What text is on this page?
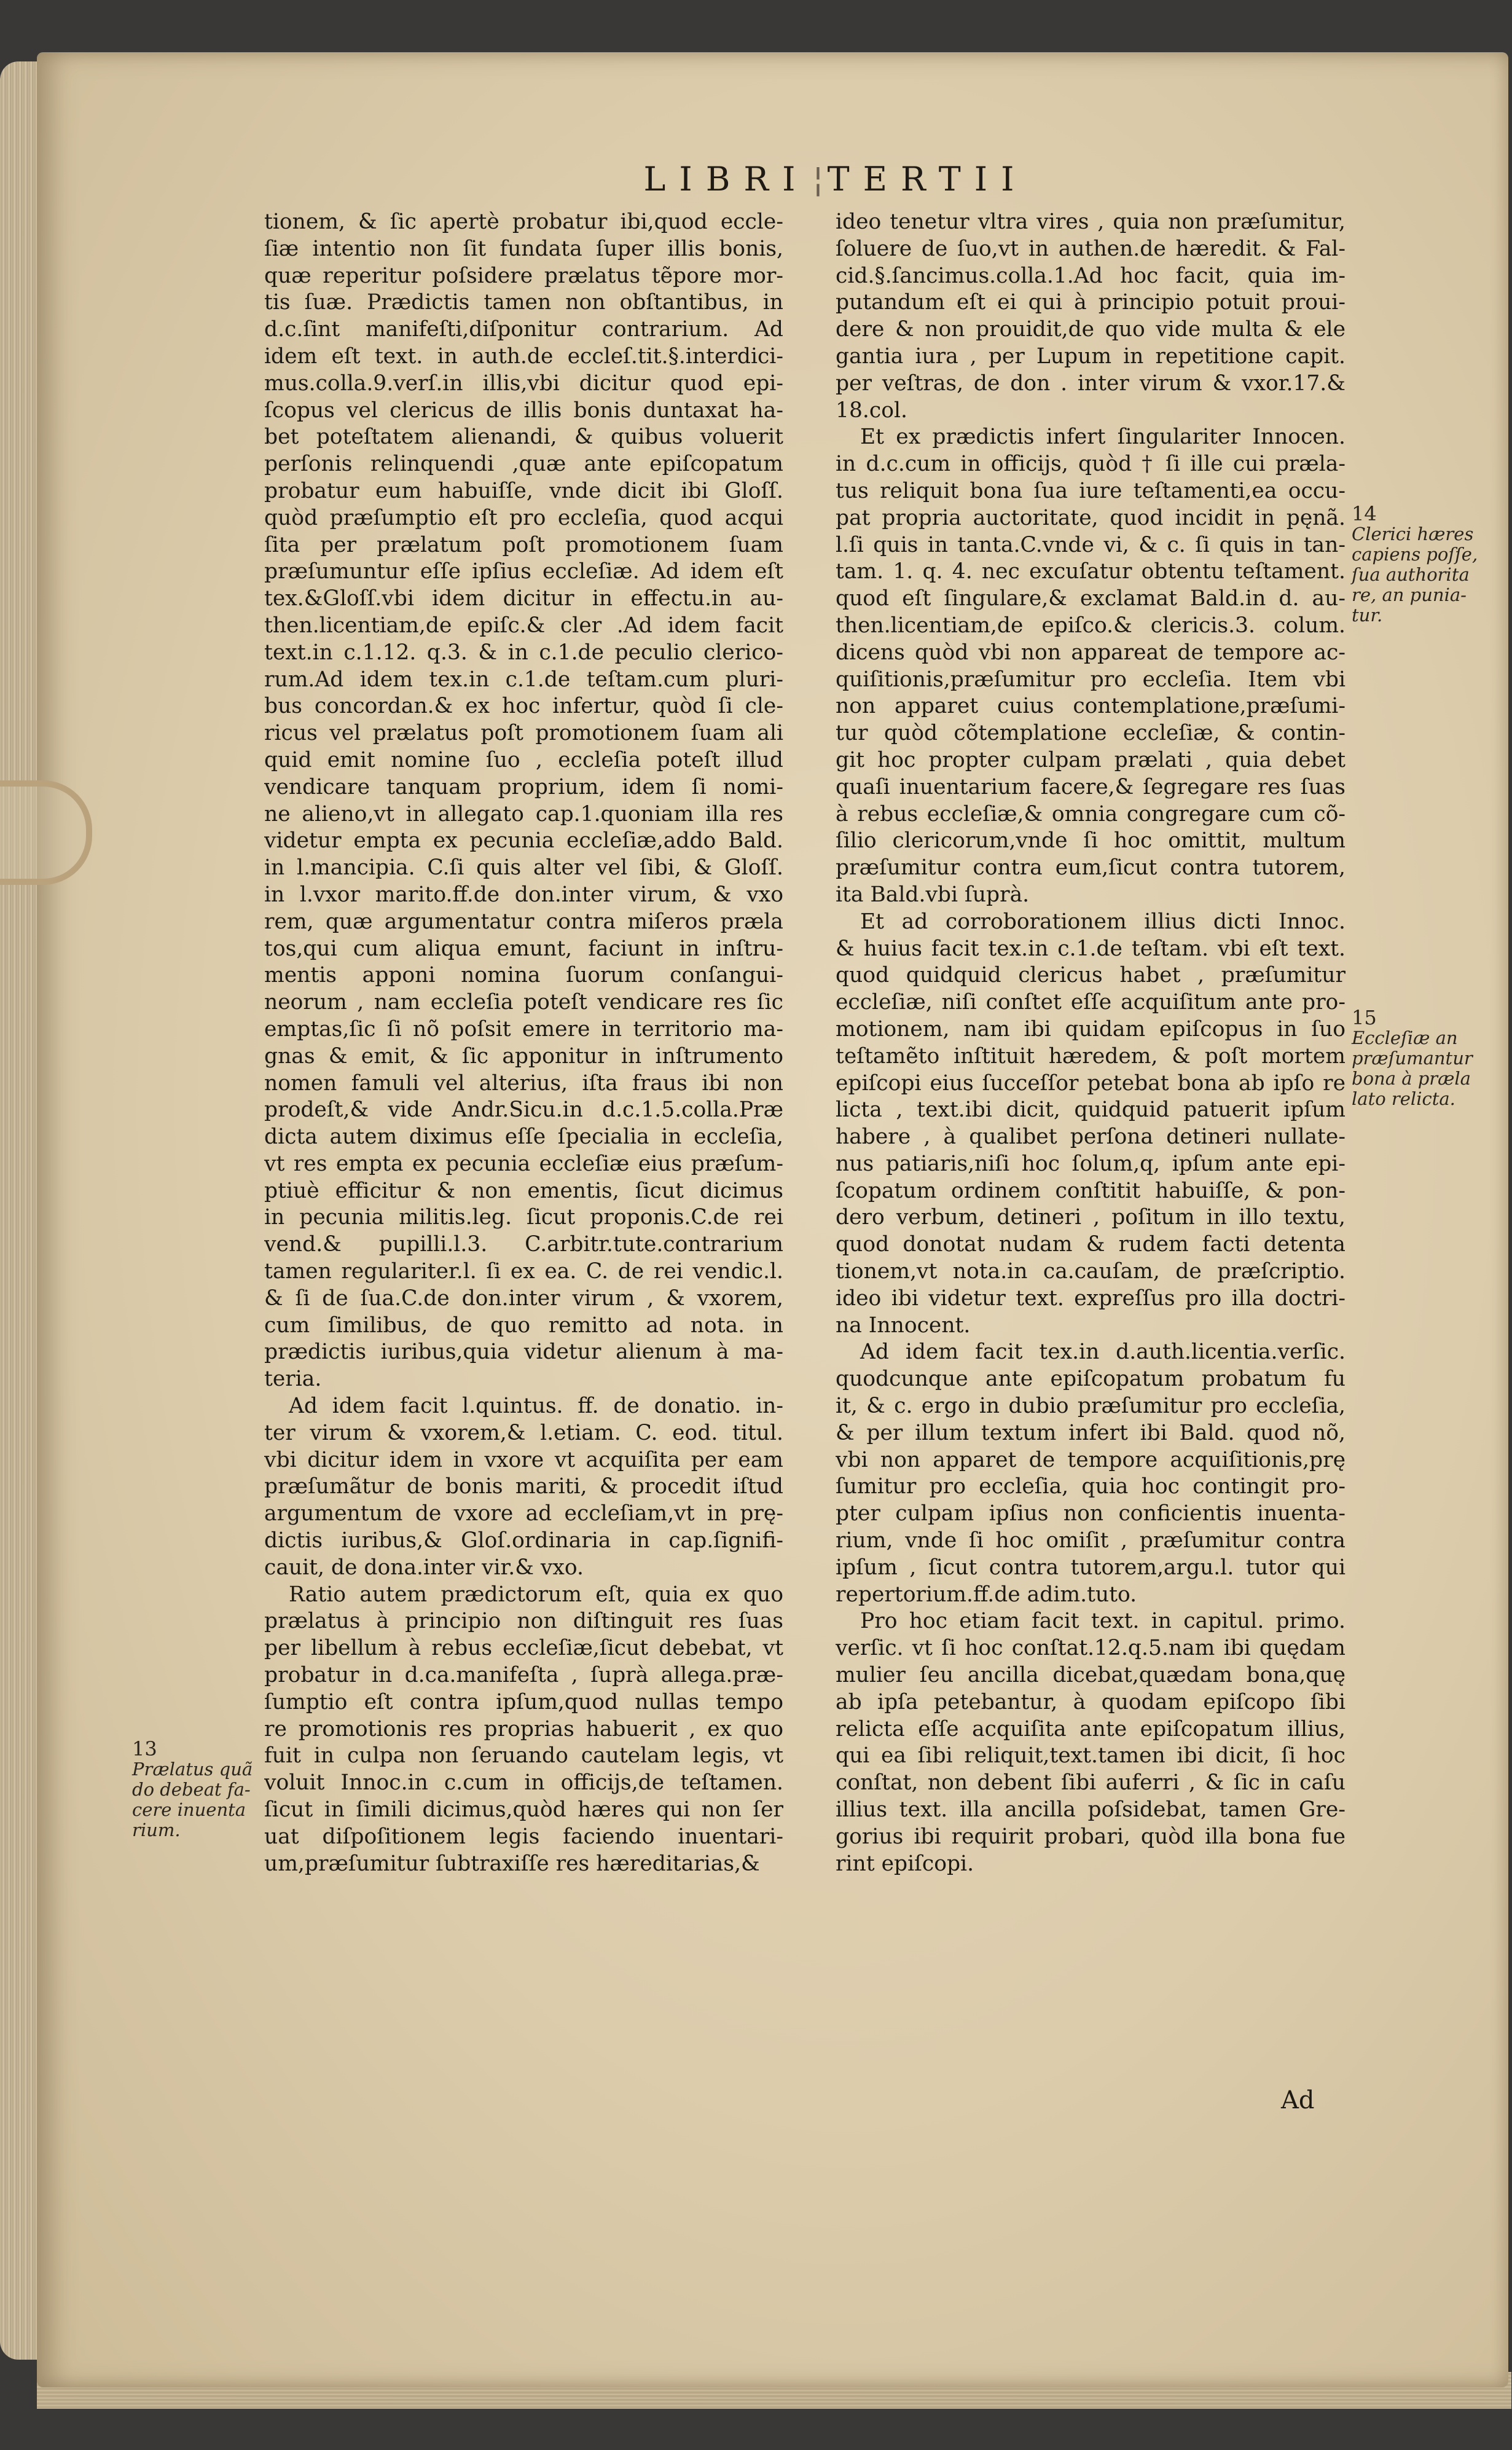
LIBRI ¦ TERTII

tionem, & ſic apertè probatur ibi,quod eccle-
ſiæ intentio non ſit fundata ſuper illis bonis,
quæ reperitur poſsidere prælatus tẽpore mor-
tis ſuæ. Prædictis tamen non obſtantibus, in
d.c.ſint manifeſti,diſponitur contrarium. Ad
idem eſt text. in auth.de eccleſ.tit.§.interdici-
mus.colla.9.verſ.in illis,vbi dicitur quod epi-
ſcopus vel clericus de illis bonis duntaxat ha-
bet poteſtatem alienandi, & quibus voluerit
perſonis relinquendi ,quæ ante epiſcopatum
probatur eum habuiſſe, vnde dicit ibi Gloſſ.
quòd præſumptio eſt pro eccleſia, quod acqui
ſita per prælatum poſt promotionem ſuam
præſumuntur eſſe ipſius eccleſiæ. Ad idem eſt
tex.&Gloſſ.vbi idem dicitur in effectu.in au-
then.licentiam,de epiſc.& cler .Ad idem facit
text.in c.1.12. q.3. & in c.1.de peculio clerico-
rum.Ad idem tex.in c.1.de teſtam.cum pluri-
bus concordan.& ex hoc infertur, quòd ſi cle-
ricus vel prælatus poſt promotionem ſuam ali
quid emit nomine ſuo , eccleſia poteſt illud
vendicare tanquam proprium, idem ſi nomi-
ne alieno,vt in allegato cap.1.quoniam illa res
videtur empta ex pecunia eccleſiæ,addo Bald.
in l.mancipia. C.ſi quis alter vel ſibi, & Gloſſ.
in l.vxor marito.ff.de don.inter virum, & vxo
rem, quæ argumentatur contra miſeros præla
tos,qui cum aliqua emunt, faciunt in inſtru-
mentis apponi nomina ſuorum conſangui-
neorum , nam eccleſia poteſt vendicare res ſic
emptas,ſic ſi nõ poſsit emere in territorio ma-
gnas & emit, & ſic apponitur in inſtrumento
nomen famuli vel alterius, iſta fraus ibi non
prodeſt,& vide Andr.Sicu.in d.c.1.5.colla.Præ
dicta autem diximus eſſe ſpecialia in eccleſia,
vt res empta ex pecunia eccleſiæ eius præſum-
ptiuè efficitur & non ementis, ſicut dicimus
in pecunia militis.leg. ſicut proponis.C.de rei
vend.& pupilli.l.3. C.arbitr.tute.contrarium
tamen regulariter.l. ſi ex ea. C. de rei vendic.l.
& ſi de ſua.C.de don.inter virum , & vxorem,
cum ſimilibus, de quo remitto ad nota. in
prædictis iuribus,quia videtur alienum à ma-
teria.

Ad idem facit l.quintus. ff. de donatio. in-
ter virum & vxorem,& l.etiam. C. eod. titul.
vbi dicitur idem in vxore vt acquiſita per eam
præſumãtur de bonis mariti, & procedit iſtud
argumentum de vxore ad eccleſiam,vt in prę-
dictis iuribus,& Gloſ.ordinaria in cap.ſignifi-
cauit, de dona.inter vir.& vxo.

Ratio autem prædictorum eſt, quia ex quo
prælatus à principio non diſtinguit res ſuas
per libellum à rebus eccleſiæ,ſicut debebat, vt
probatur in d.ca.manifeſta , ſuprà allega.præ-
ſumptio eſt contra ipſum,quod nullas tempo
re promotionis res proprias habuerit , ex quo
fuit in culpa non ſeruando cautelam legis, vt
voluit Innoc.in c.cum in officijs,de teſtamen.
ſicut in ſimili dicimus,quòd hæres qui non ſer
uat diſpoſitionem legis faciendo inuentari-
um,præſumitur ſubtraxiſſe res hæreditarias,&

ideo tenetur vltra vires , quia non præſumitur,
ſoluere de ſuo,vt in authen.de hæredit. & Fal-
cid.§.ſancimus.colla.1.Ad hoc facit, quia im-
putandum eſt ei qui à principio potuit proui-
dere & non prouidit,de quo vide multa & ele
gantia iura , per Lupum in repetitione capit.
per veſtras, de don . inter virum & vxor.17.&
18.col.

Et ex prædictis infert ſingulariter Innocen.
in d.c.cum in officijs, quòd † ſi ille cui præla-
tus reliquit bona ſua iure teſtamenti,ea occu-
pat propria auctoritate, quod incidit in pęnã.
l.ſi quis in tanta.C.vnde vi, & c. ſi quis in tan-
tam. 1. q. 4. nec excuſatur obtentu teſtament.
quod eſt ſingulare,& exclamat Bald.in d. au-
then.licentiam,de epiſco.& clericis.3. colum.
dicens quòd vbi non appareat de tempore ac-
quiſitionis,præſumitur pro eccleſia. Item vbi
non apparet cuius contemplatione,præſumi-
tur quòd cõtemplatione eccleſiæ, & contin-
git hoc propter culpam prælati , quia debet
quaſi inuentarium facere,& ſegregare res ſuas
à rebus eccleſiæ,& omnia congregare cum cõ-
ſilio clericorum,vnde ſi hoc omittit, multum
præſumitur contra eum,ſicut contra tutorem,
ita Bald.vbi ſuprà.

Et ad corroborationem illius dicti Innoc.
& huius facit tex.in c.1.de teſtam. vbi eſt text.
quod quidquid clericus habet , præſumitur
eccleſiæ, niſi conſtet eſſe acquiſitum ante pro-
motionem, nam ibi quidam epiſcopus in ſuo
teſtamẽto inſtituit hæredem, & poſt mortem
epiſcopi eius ſucceſſor petebat bona ab ipſo re
licta , text.ibi dicit, quidquid patuerit ipſum
habere , à qualibet perſona detineri nullate-
nus patiaris,niſi hoc ſolum,q, ipſum ante epi-
ſcopatum ordinem conſtitit habuiſſe, & pon-
dero verbum, detineri , poſitum in illo textu,
quod donotat nudam & rudem facti detenta
tionem,vt nota.in ca.cauſam, de præſcriptio.
ideo ibi videtur text. expreſſus pro illa doctri-
na Innocent.

Ad idem facit tex.in d.auth.licentia.verſic.
quodcunque ante epiſcopatum probatum fu
it, & c. ergo in dubio præſumitur pro eccleſia,
& per illum textum infert ibi Bald. quod nõ,
vbi non apparet de tempore acquiſitionis,prę
ſumitur pro eccleſia, quia hoc contingit pro-
pter culpam ipſius non conficientis inuenta-
rium, vnde ſi hoc omiſit , præſumitur contra
ipſum , ſicut contra tutorem,argu.l. tutor qui
repertorium.ff.de adim.tuto.

Pro hoc etiam facit text. in capitul. primo.
verſic. vt ſi hoc conſtat.12.q.5.nam ibi quędam
mulier ſeu ancilla dicebat,quædam bona,quę
ab ipſa petebantur, à quodam epiſcopo ſibi
relicta eſſe acquiſita ante epiſcopatum illius,
qui ea ſibi reliquit,text.tamen ibi dicit, ſi hoc
conſtat, non debent ſibi auferri , & ſic in caſu
illius text. illa ancilla poſsidebat, tamen Gre-
gorius ibi requirit probari, quòd illa bona fue
rint epiſcopi.

14
Clerici hæres
capiens poſſe,
ſua authorita
re, an punia-
tur.
15
Eccleſiæ an
præſumantur
bona à præla
lato relicta.
13
Prælatus quã
do debeat fa-
cere inuenta
rium.
Ad
